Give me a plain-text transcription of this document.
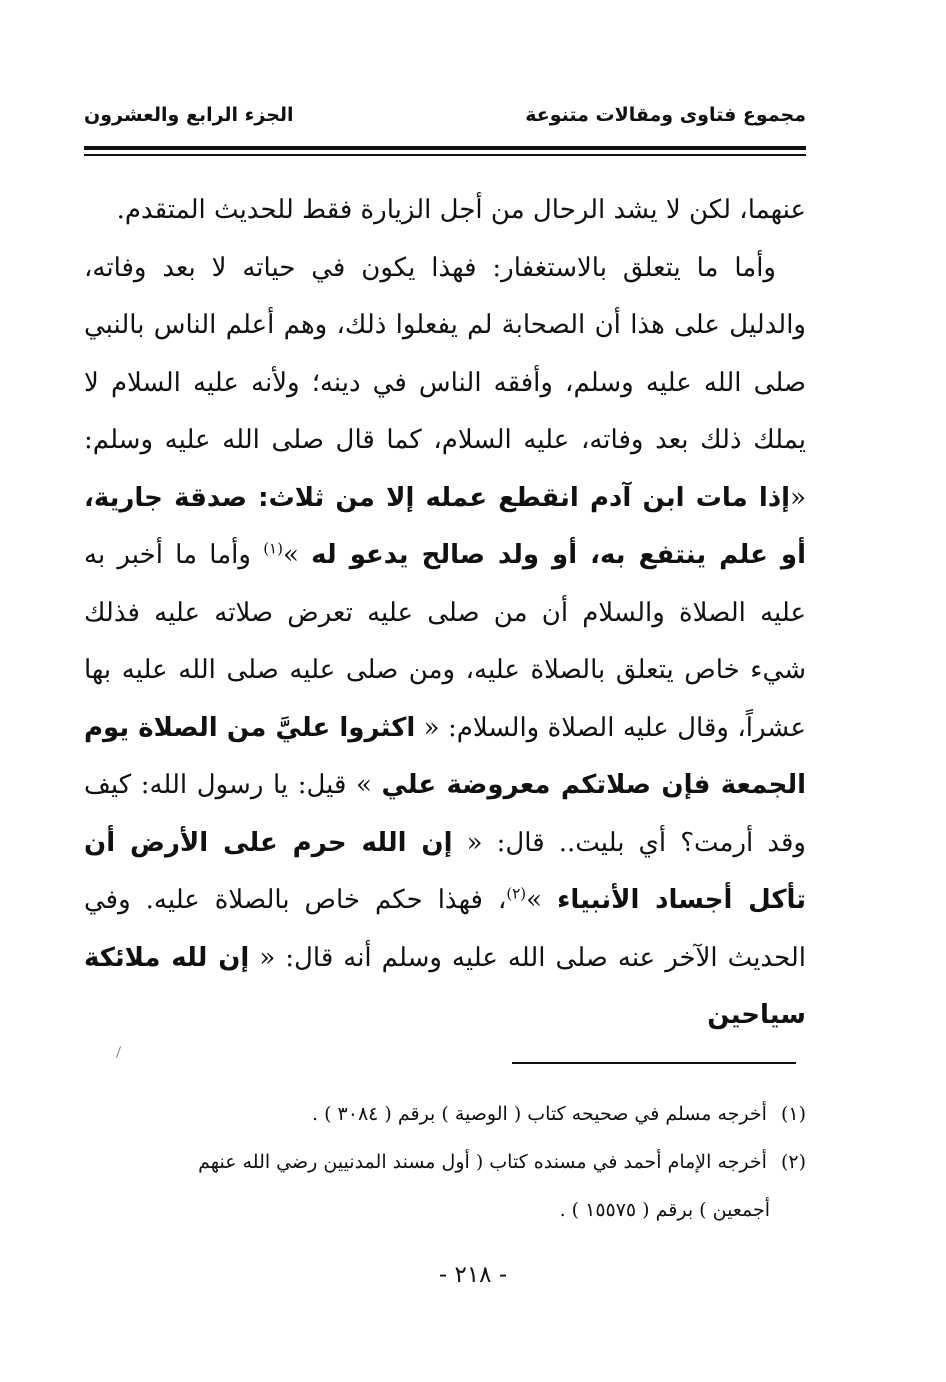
مجموع فتاوى ومقالات متنوعة
الجزء الرابع والعشرون

عنهما، لكن لا يشد الرحال من أجل الزيارة فقط للحديث المتقدم.

وأما ما يتعلق بالاستغفار: فهذا يكون في حياته لا بعد وفاته، والدليل على هذا أن الصحابة لم يفعلوا ذلك، وهم أعلم الناس بالنبي صلى الله عليه وسلم، وأفقه الناس في دينه؛ ولأنه عليه السلام لا يملك ذلك بعد وفاته، عليه السلام، كما قال صلى الله عليه وسلم: «إذا مات ابن آدم انقطع عمله إلا من ثلاث: صدقة جارية، أو علم ينتفع به، أو ولد صالح يدعو له »$^{(١)}$ وأما ما أخبر به عليه الصلاة والسلام أن من صلى عليه تعرض صلاته عليه فذلك شيء خاص يتعلق بالصلاة عليه، ومن صلى عليه صلى الله عليه بها عشراً، وقال عليه الصلاة والسلام: « اكثروا عليَّ من الصلاة يوم الجمعة فإن صلاتكم معروضة علي » قيل: يا رسول الله: كيف وقد أرمت؟ أي بليت.. قال: « إن الله حرم على الأرض أن تأكل أجساد الأنبياء »$^{(٢)}$، فهذا حكم خاص بالصلاة عليه. وفي الحديث الآخر عنه صلى الله عليه وسلم أنه قال: « إن لله ملائكة سياحين

(١) أخرجه مسلم في صحيحه كتاب ( الوصية ) برقم ( ٣٠٨٤ ) .

(٢) أخرجه الإمام أحمد في مسنده كتاب ( أول مسند المدنيين رضي الله عنهم

أجمعين ) برقم ( ١٥٥٧٥ ) .

- ٢١٨ -
